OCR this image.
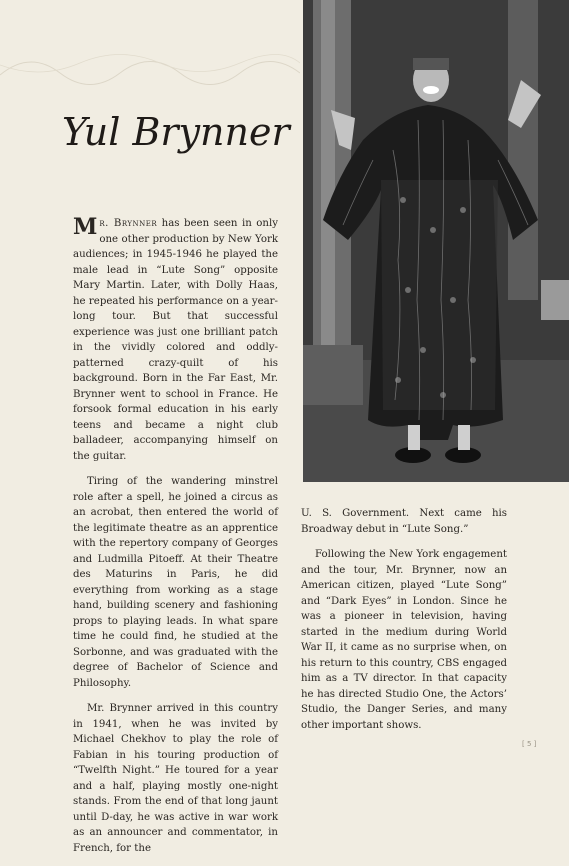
Yul Brynner

Mr. Brynner has been seen in only one other production by New York audiences; in 1945-1946 he played the male lead in “Lute Song” opposite Mary Martin. Later, with Dolly Haas, he repeated his performance on a year-long tour. But that successful experience was just one brilliant patch in the vividly colored and oddly-patterned crazy-quilt of his background. Born in the Far East, Mr. Brynner went to school in France. He forsook formal education in his early teens and became a night club balladeer, accompanying himself on the guitar.

Tiring of the wandering minstrel role after a spell, he joined a circus as an acrobat, then entered the world of the legitimate theatre as an apprentice with the repertory company of Georges and Ludmilla Pitoeff. At their Theatre des Maturins in Paris, he did everything from working as a stage hand, building scenery and fashioning props to playing leads. In what spare time he could find, he studied at the Sorbonne, and was graduated with the degree of Bachelor of Science and Philosophy.

Mr. Brynner arrived in this country in 1941, when he was invited by Michael Chekhov to play the role of Fabian in his touring production of “Twelfth Night.” He toured for a year and a half, playing mostly one-night stands. From the end of that long jaunt until D-day, he was active in war work as an announcer and commentator, in French, for the

U. S. Government. Next came his Broadway debut in “Lute Song.”

Following the New York engagement and the tour, Mr. Brynner, now an American citizen, played “Lute Song” and “Dark Eyes” in London. Since he was a pioneer in television, having started in the medium during World War II, it came as no surprise when, on his return to this country, CBS engaged him as a TV director. In that capacity he has directed Studio One, the Actors’ Studio, the Danger Series, and many other important shows.

[ 5 ]
